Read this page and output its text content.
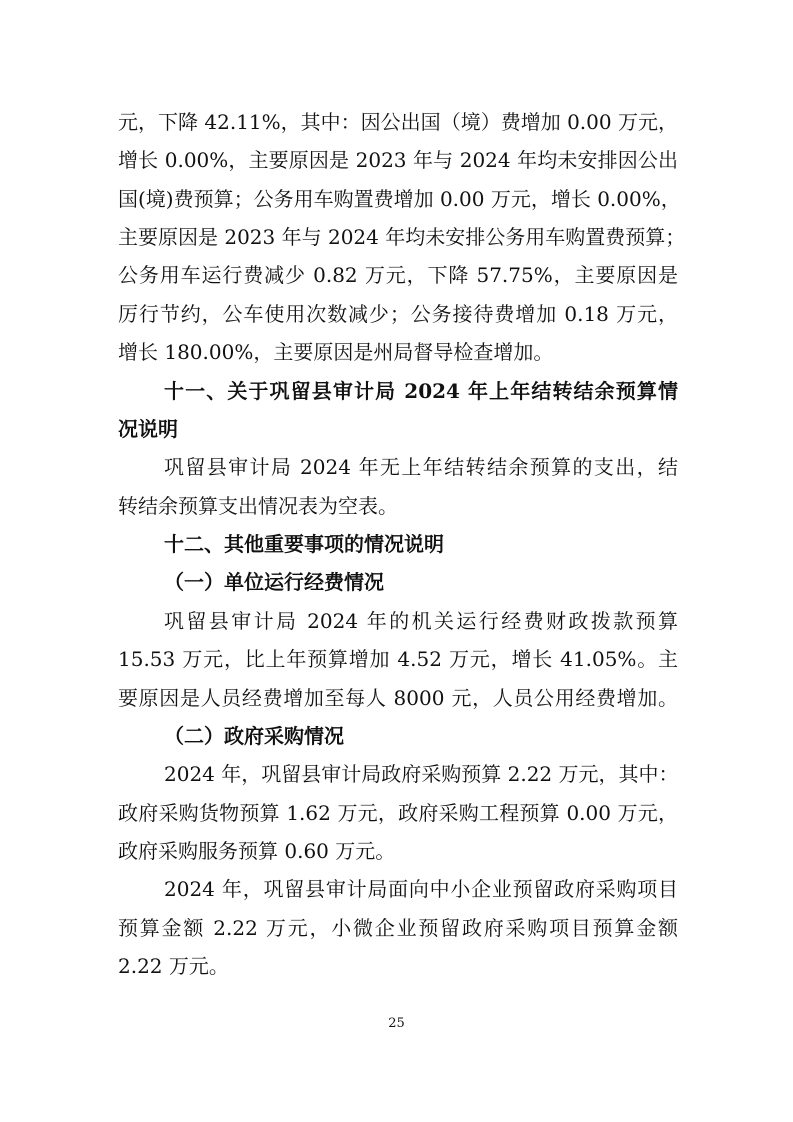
元，下降 42.11%，其中：因公出国（境）费增加 0.00 万元，
增长 0.00%，主要原因是 2023 年与 2024 年均未安排因公出
国(境)费预算；公务用车购置费增加 0.00 万元，增长 0.00%，
主要原因是 2023 年与 2024 年均未安排公务用车购置费预算；
公务用车运行费减少 0.82 万元，下降 57.75%，主要原因是
厉行节约，公车使用次数减少；公务接待费增加 0.18 万元，
增长 180.00%，主要原因是州局督导检查增加。
十一、关于巩留县审计局 2024 年上年结转结余预算情
况说明
巩留县审计局 2024 年无上年结转结余预算的支出，结
转结余预算支出情况表为空表。
十二、其他重要事项的情况说明
（一）单位运行经费情况
巩留县审计局 2024 年的机关运行经费财政拨款预算
15.53 万元，比上年预算增加 4.52 万元，增长 41.05%。主
要原因是人员经费增加至每人 8000 元，人员公用经费增加。
（二）政府采购情况
2024 年，巩留县审计局政府采购预算 2.22 万元，其中：
政府采购货物预算 1.62 万元，政府采购工程预算 0.00 万元，
政府采购服务预算 0.60 万元。
2024 年，巩留县审计局面向中小企业预留政府采购项目
预算金额 2.22 万元，小微企业预留政府采购项目预算金额
2.22 万元。
25
